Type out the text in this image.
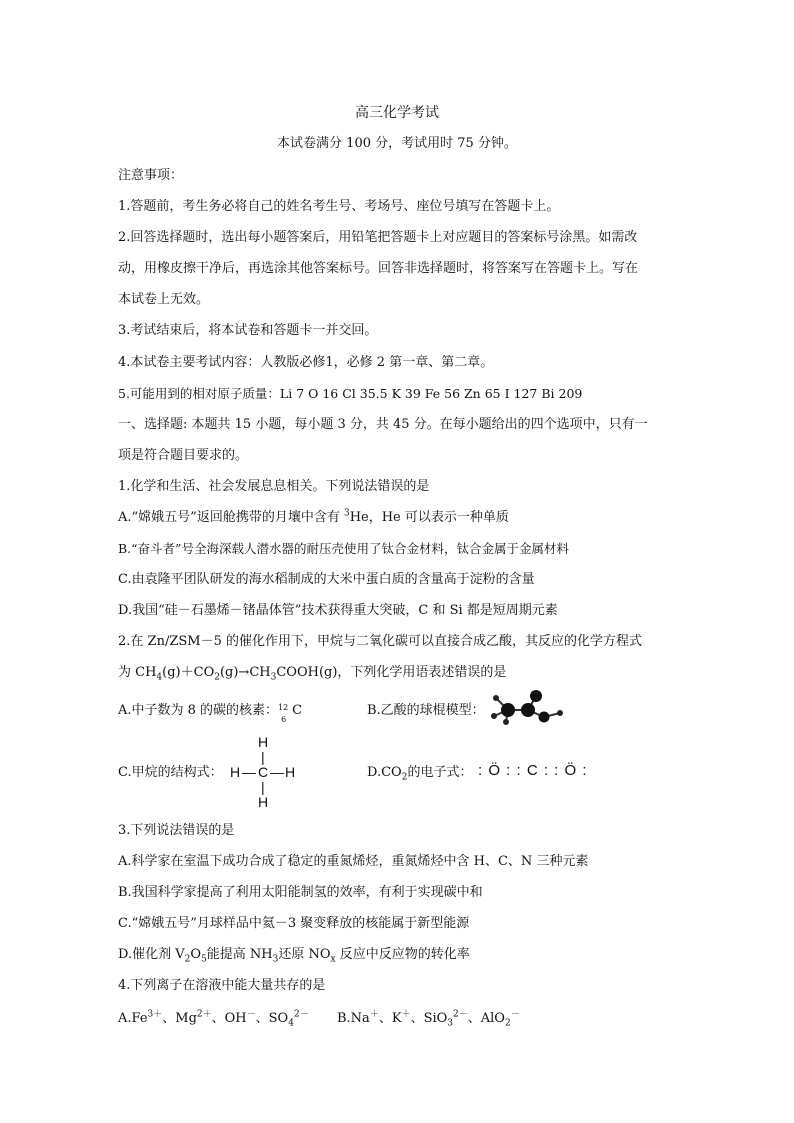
高三化学考试
本试卷满分 100 分，考试用时 75 分钟。
注意事项：
1.答题前，考生务必将自己的姓名考生号、考场号、座位号填写在答题卡上。
2.回答选择题时，选出每小题答案后，用铅笔把答题卡上对应题目的答案标号涂黑。如需改
动，用橡皮擦干净后，再选涂其他答案标号。回答非选择题时，将答案写在答题卡上。写在
本试卷上无效。
3.考试结束后，将本试卷和答题卡一并交回。
4.本试卷主要考试内容：人教版必修1，必修 2 第一章、第二章。
5.可能用到的相对原子质量：Li 7 O 16 Cl 35.5 K 39 Fe 56 Zn 65 I 127 Bi 209
一、选择题: 本题共 15 小题，每小题 3 分，共 45 分。在每小题给出的四个选项中，只有一
项是符合题目要求的。
1.化学和生活、社会发展息息相关。下列说法错误的是
A.“嫦娥五号”返回舱携带的月壤中含有 $^3$He，He 可以表示一种单质
B.“奋斗者”号全海深载人潜水器的耐压壳使用了钛合金材料，钛合金属于金属材料
C.由袁隆平团队研发的海水稻制成的大米中蛋白质的含量高于淀粉的含量
D.我国“硅－石墨烯－锗晶体管”技术获得重大突破，C 和 Si 都是短周期元素
2.在 Zn/ZSM－5 的催化作用下，甲烷与二氧化碳可以直接合成乙酸，其反应的化学方程式
为 $CH_4(g)+CO_2(g)\to CH_3COOH(g)$，下列化学用语表述错误的是
A.中子数为 8 的碳的核素： 12
6
C	B.乙酸的球棍模型：
C.甲烷的结构式：
H
|
H — C — H
|
H
$D.CO_2$的电子式： : Ö : : C : : Ö :
3.下列说法错误的是
A.科学家在室温下成功合成了稳定的重氮烯烃，重氮烯烃中含 H、C、N 三种元素
B.我国科学家提高了利用太阳能制氢的效率，有利于实现碳中和
C.“嫦娥五号”月球样品中氦－3 聚变释放的核能属于新型能源
D.催化剂 $V_2O_5$能提高 $NH_3$还原 $NO_x$ 反应中反应物的转化率
4.下列离子在溶液中能大量共存的是
$A.Fe^{3+}$、$Mg^{2+}$、OH－、$SO_4^{2-}$ B.Na＋、K＋、SiO$_3^{2-}$、AlO$_2$－
